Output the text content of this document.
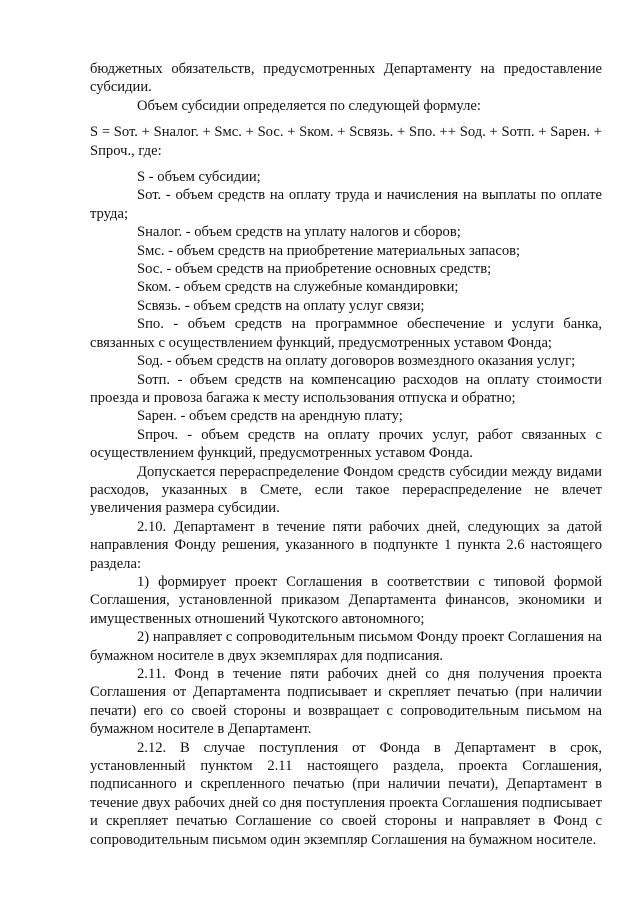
бюджетных обязательств, предусмотренных Департаменту на предоставление субсидии.

Объем субсидии определяется по следующей формуле:

S = Sот. + Sналог. + Sмс. + Sос. + Sком. + Sсвязь. + Sпо. ++ Sод. + Sотп. + Sарен. + Sпроч., где:

S - объем субсидии;

Sот. - объем средств на оплату труда и начисления на выплаты по оплате труда;

Sналог. - объем средств на уплату налогов и сборов;

Sмс. - объем средств на приобретение материальных запасов;

Sос. - объем средств на приобретение основных средств;

Sком. - объем средств на служебные командировки;

Sсвязь. - объем средств на оплату услуг связи;

Sпо. - объем средств на программное обеспечение и услуги банка, связанных с осуществлением функций, предусмотренных уставом Фонда;

Sод. - объем средств на оплату договоров возмездного оказания услуг;

Sотп. - объем средств на компенсацию расходов на оплату стоимости проезда и провоза багажа к месту использования отпуска и обратно;

Sарен. - объем средств на арендную плату;

Sпроч. - объем средств на оплату прочих услуг, работ связанных с осуществлением функций, предусмотренных уставом Фонда.

Допускается перераспределение Фондом средств субсидии между видами расходов, указанных в Смете, если такое перераспределение не влечет увеличения размера субсидии.

2.10. Департамент в течение пяти рабочих дней, следующих за датой направления Фонду решения, указанного в подпункте 1 пункта 2.6 настоящего раздела:

1) формирует проект Соглашения в соответствии с типовой формой Соглашения, установленной приказом Департамента финансов, экономики и имущественных отношений Чукотского автономного;

2) направляет с сопроводительным письмом Фонду проект Соглашения на бумажном носителе в двух экземплярах для подписания.

2.11. Фонд в течение пяти рабочих дней со дня получения проекта Соглашения от Департамента подписывает и скрепляет печатью (при наличии печати) его со своей стороны и возвращает с сопроводительным письмом на бумажном носителе в Департамент.

2.12. В случае поступления от Фонда в Департамент в срок, установленный пунктом 2.11 настоящего раздела, проекта Соглашения, подписанного и скрепленного печатью (при наличии печати), Департамент в течение двух рабочих дней со дня поступления проекта Соглашения подписывает и скрепляет печатью Соглашение со своей стороны и направляет в Фонд с сопроводительным письмом один экземпляр Соглашения на бумажном носителе.
